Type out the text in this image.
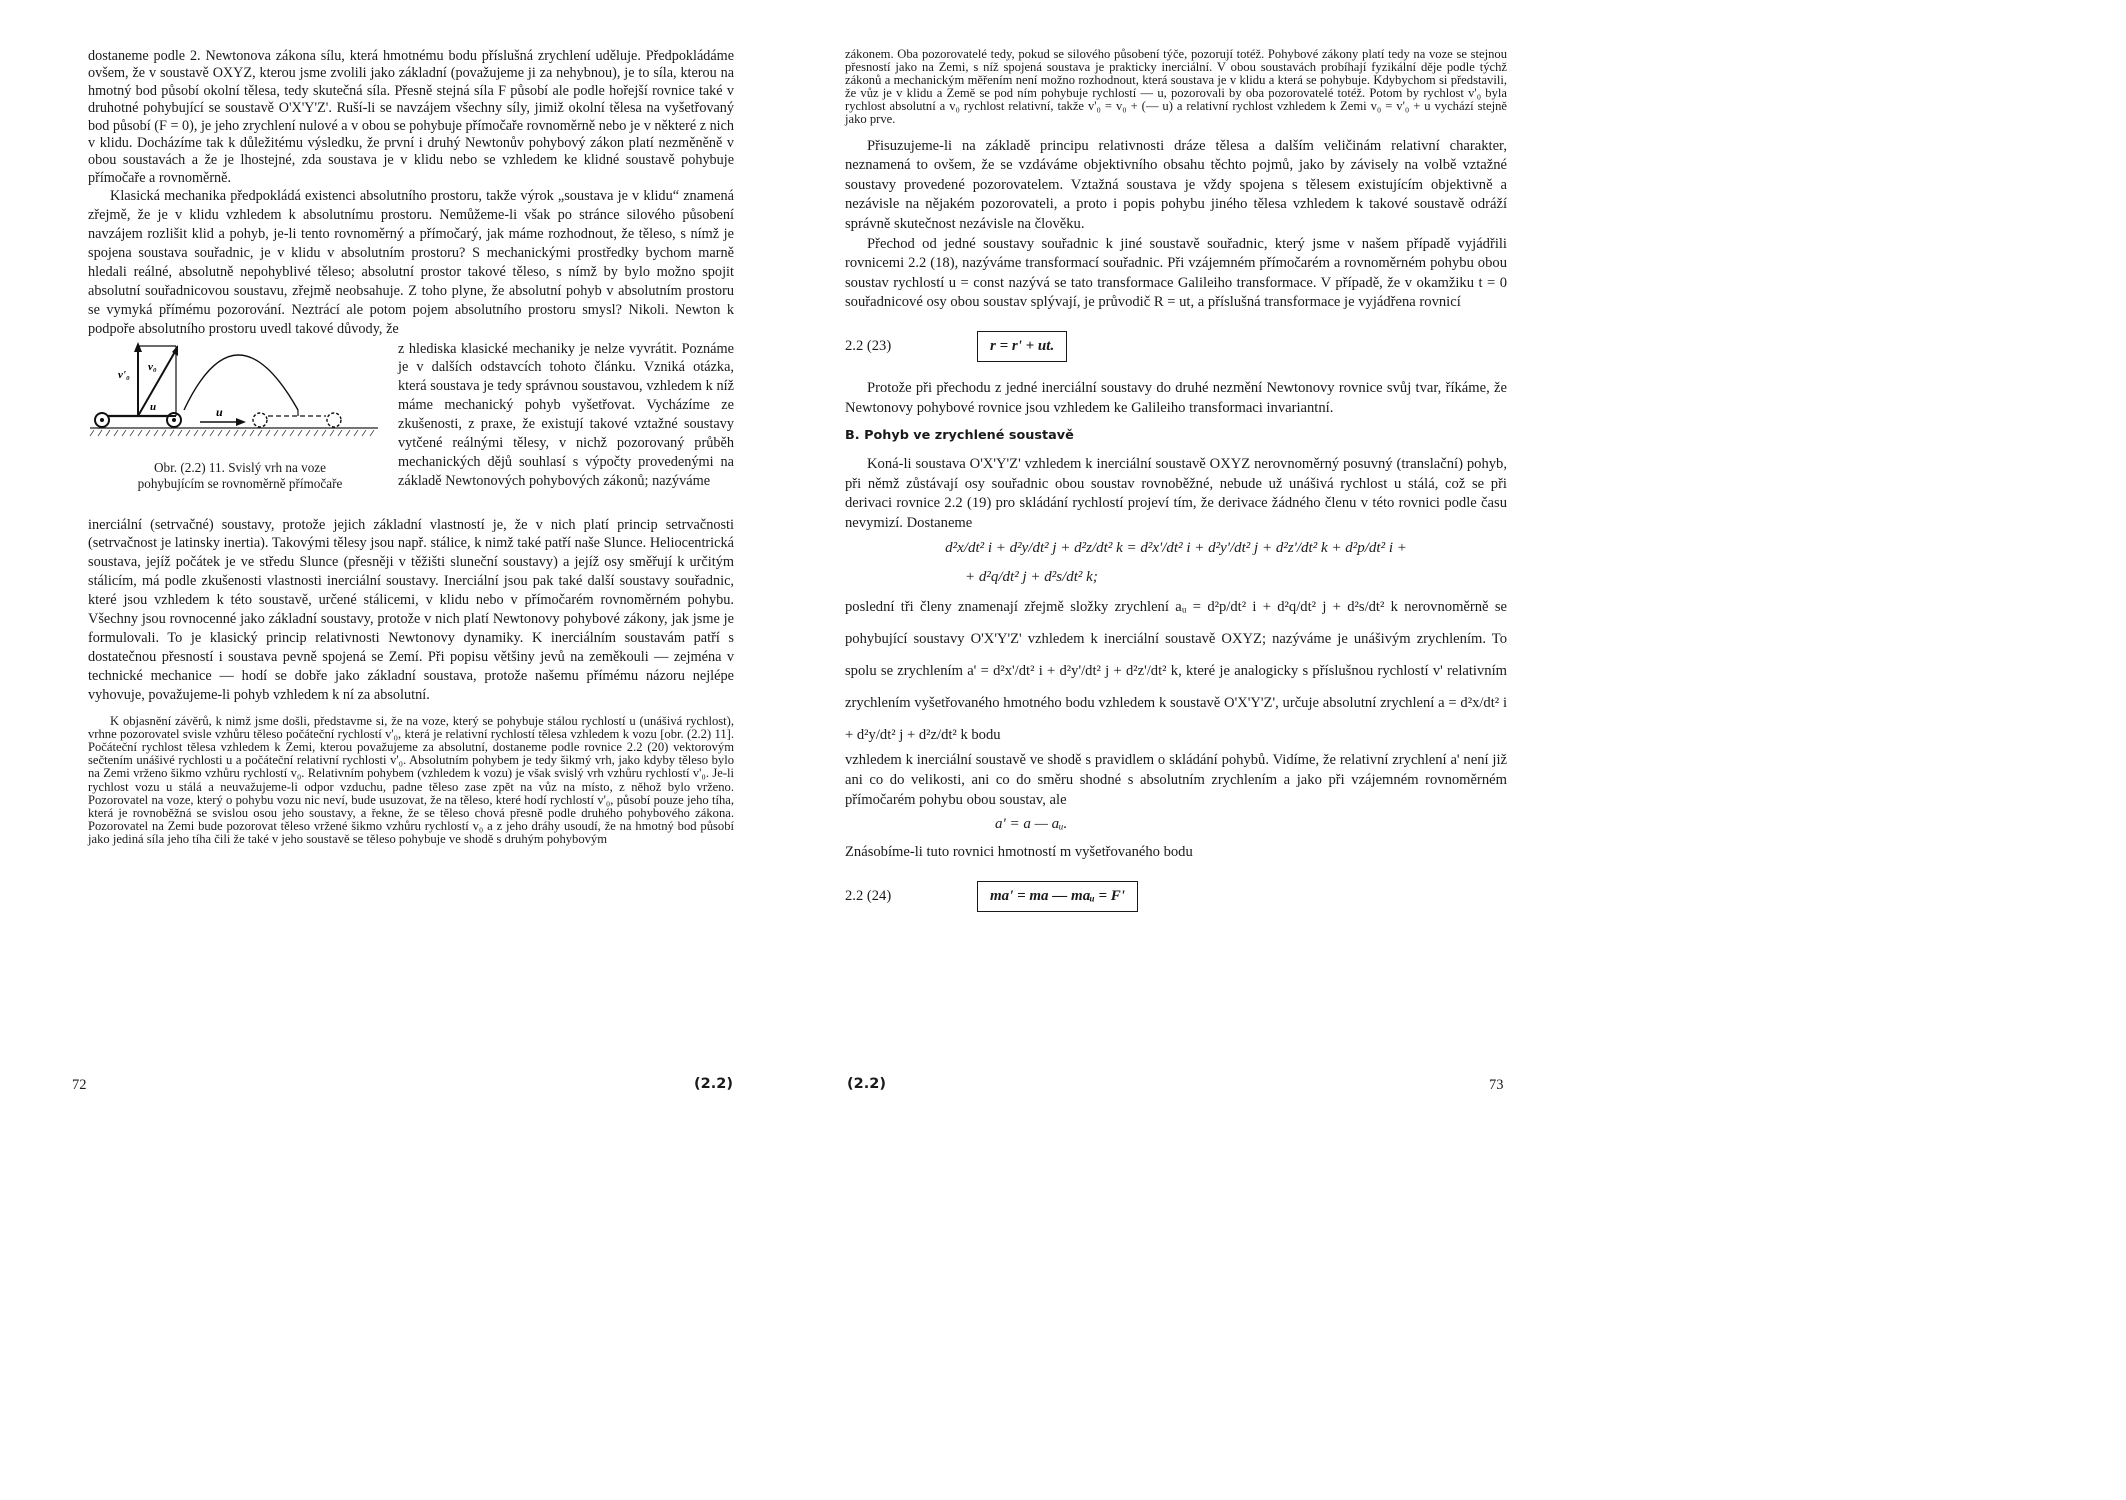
dostaneme podle 2. Newtonova zákona sílu, která hmotnému bodu příslušná zrychlení uděluje. Předpokládáme ovšem, že v soustavě OXYZ, kterou jsme zvolili jako základní (považujeme ji za nehybnou), je to síla, kterou na hmotný bod působí okolní tělesa, tedy skutečná síla. Přesně stejná síla F působí ale podle hořejší rovnice také v druhotné pohybující se soustavě O'X'Y'Z'. Ruší-li se navzájem všechny síly, jimiž okolní tělesa na vyšetřovaný bod působí (F = 0), je jeho zrychlení nulové a v obou se pohybuje přímočaře rovnoměrně nebo je v některé z nich v klidu. Docházíme tak k důležitému výsledku, že první i druhý Newtonův pohybový zákon platí nezměněně v obou soustavách a že je lhostejné, zda soustava je v klidu nebo se vzhledem ke klidné soustavě pohybuje přímočaře a rovnoměrně.

Klasická mechanika předpokládá existenci absolutního prostoru, takže výrok „soustava je v klidu“ znamená zřejmě, že je v klidu vzhledem k absolutnímu prostoru. Nemůžeme-li však po stránce silového působení navzájem rozlišit klid a pohyb, je-li tento rovnoměrný a přímočarý, jak máme rozhodnout, že těleso, s nímž je spojena soustava souřadnic, je v klidu v absolutním prostoru? S mechanickými prostředky bychom marně hledali reálné, absolutně nepohyblivé těleso; absolutní prostor takové těleso, s nímž by bylo možno spojit absolutní souřadnicovou soustavu, zřejmě neobsahuje. Z toho plyne, že absolutní pohyb v absolutním prostoru se vymyká přímému pozorování. Neztrácí ale potom pojem absolutního prostoru smysl? Nikoli. Newton k podpoře absolutního prostoru uvedl takové důvody, že

v'₀
v₀
u	u
Obr. (2.2) 11. Svislý vrh na voze
pohybujícím se rovnoměrně přímočaře

z hlediska klasické mechaniky je nelze vyvrátit. Poznáme je v dalších odstavcích tohoto článku. Vzniká otázka, která soustava je tedy správnou soustavou, vzhledem k níž máme mechanický pohyb vyšetřovat. Vycházíme ze zkušenosti, z praxe, že existují takové vztažné soustavy vytčené reálnými tělesy, v nichž pozorovaný průběh mechanických dějů souhlasí s výpočty provedenými na základě Newtonových pohybových zákonů; nazýváme

inerciální (setrvačné) soustavy, protože jejich základní vlastností je, že v nich platí princip setrvačnosti (setrvačnost je latinsky inertia). Takovými tělesy jsou např. stálice, k nimž také patří naše Slunce. Heliocentrická soustava, jejíž počátek je ve středu Slunce (přesněji v těžišti sluneční soustavy) a jejíž osy směřují k určitým stálicím, má podle zkušenosti vlastnosti inerciální soustavy. Inerciální jsou pak také další soustavy souřadnic, které jsou vzhledem k této soustavě, určené stálicemi, v klidu nebo v přímočarém rovnoměrném pohybu. Všechny jsou rovnocenné jako základní soustavy, protože v nich platí Newtonovy pohybové zákony, jak jsme je formulovali. To je klasický princip relativnosti Newtonovy dynamiky. K inerciálním soustavám patří s dostatečnou přesností i soustava pevně spojená se Zemí. Při popisu většiny jevů na zeměkouli — zejména v technické mechanice — hodí se dobře jako základní soustava, protože našemu přímému názoru nejlépe vyhovuje, považujeme-li pohyb vzhledem k ní za absolutní.

K objasnění závěrů, k nimž jsme došli, představme si, že na voze, který se pohybuje stálou rychlostí u (unášivá rychlost), vrhne pozorovatel svisle vzhůru těleso počáteční rychlostí v'₀, která je relativní rychlostí tělesa vzhledem k vozu [obr. (2.2) 11]. Počáteční rychlost tělesa vzhledem k Zemi, kterou považujeme za absolutní, dostaneme podle rovnice 2.2 (20) vektorovým sečtením unášivé rychlosti u a počáteční relativní rychlosti v'₀. Absolutním pohybem je tedy šikmý vrh, jako kdyby těleso bylo na Zemi vrženo šikmo vzhůru rychlostí v₀. Relativním pohybem (vzhledem k vozu) je však svislý vrh vzhůru rychlostí v'₀. Je-li rychlost vozu u stálá a neuvažujeme-li odpor vzduchu, padne těleso zase zpět na vůz na místo, z něhož bylo vrženo. Pozorovatel na voze, který o pohybu vozu nic neví, bude usuzovat, že na těleso, které hodí rychlostí v'₀, působí pouze jeho tíha, která je rovnoběžná se svislou osou jeho soustavy, a řekne, že se těleso chová přesně podle druhého pohybového zákona. Pozorovatel na Zemi bude pozorovat těleso vržené šikmo vzhůru rychlostí v₀ a z jeho dráhy usoudí, že na hmotný bod působí jako jediná síla jeho tíha čili že také v jeho soustavě se těleso pohybuje ve shodě s druhým pohybovým

72	(2.2)

zákonem. Oba pozorovatelé tedy, pokud se silového působení týče, pozorují totéž. Pohybové zákony platí tedy na voze se stejnou přesností jako na Zemi, s níž spojená soustava je prakticky inerciální. V obou soustavách probíhají fyzikální děje podle týchž zákonů a mechanickým měřením není možno rozhodnout, která soustava je v klidu a která se pohybuje. Kdybychom si představili, že vůz je v klidu a Země se pod ním pohybuje rychlostí — u, pozorovali by oba pozorovatelé totéž. Potom by rychlost v'₀ byla rychlost absolutní a v₀ rychlost relativní, takže v'₀ = v₀ + (— u) a relativní rychlost vzhledem k Zemi v₀ = v'₀ + u vychází stejně jako prve.

Přisuzujeme-li na základě principu relativnosti dráze tělesa a dalším veličinám relativní charakter, neznamená to ovšem, že se vzdáváme objektivního obsahu těchto pojmů, jako by závisely na volbě vztažné soustavy provedené pozorovatelem. Vztažná soustava je vždy spojena s tělesem existujícím objektivně a nezávisle na nějakém pozorovateli, a proto i popis pohybu jiného tělesa vzhledem k takové soustavě odráží správně skutečnost nezávisle na člověku.

Přechod od jedné soustavy souřadnic k jiné soustavě souřadnic, který jsme v našem případě vyjádřili rovnicemi 2.2 (18), nazýváme transformací souřadnic. Při vzájemném přímočarém a rovnoměrném pohybu obou soustav rychlostí u = const nazývá se tato transformace Galileiho transformace. V případě, že v okamžiku t = 0 souřadnicové osy obou soustav splývají, je průvodič R = ut, a příslušná transformace je vyjádřena rovnicí

2.2 (23)	r = r' + ut.

Protože při přechodu z jedné inerciální soustavy do druhé nezmění Newtonovy rovnice svůj tvar, říkáme, že Newtonovy pohybové rovnice jsou vzhledem ke Galileiho transformaci invariantní.

B. Pohyb ve zrychlené soustavě

Koná-li soustava O'X'Y'Z' vzhledem k inerciální soustavě OXYZ nerovnoměrný posuvný (translační) pohyb, při němž zůstávají osy souřadnic obou soustav rovnoběžné, nebude už unášivá rychlost u stálá, což se při derivaci rovnice 2.2 (19) pro skládání rychlostí projeví tím, že derivace žádného členu v této rovnici podle času nevymizí. Dostaneme

d²x/dt² i + d²y/dt² j + d²z/dt² k = d²x'/dt² i + d²y'/dt² j + d²z'/dt² k + d²p/dt² i +
+ d²q/dt² j + d²s/dt² k;

poslední tři členy znamenají zřejmě složky zrychlení aᵤ = d²p/dt² i + d²q/dt² j + d²s/dt² k nerovnoměrně se pohybující soustavy O'X'Y'Z' vzhledem k inerciální soustavě OXYZ; nazýváme je unášivým zrychlením. To spolu se zrychlením a' = d²x'/dt² i + d²y'/dt² j + d²z'/dt² k, které je analogicky s příslušnou rychlostí v' relativním zrychlením vyšetřovaného hmotného bodu vzhledem k soustavě O'X'Y'Z', určuje absolutní zrychlení a = d²x/dt² i + d²y/dt² j + d²z/dt² k bodu

vzhledem k inerciální soustavě ve shodě s pravidlem o skládání pohybů. Vidíme, že relativní zrychlení a' není již ani co do velikosti, ani co do směru shodné s absolutním zrychlením a jako při vzájemném rovnoměrném přímočarém pohybu obou soustav, ale

a' = a — aᵤ.

Znásobíme-li tuto rovnici hmotností m vyšetřovaného bodu

2.2 (24)	ma' = ma — maᵤ = F'
(2.2)	73
